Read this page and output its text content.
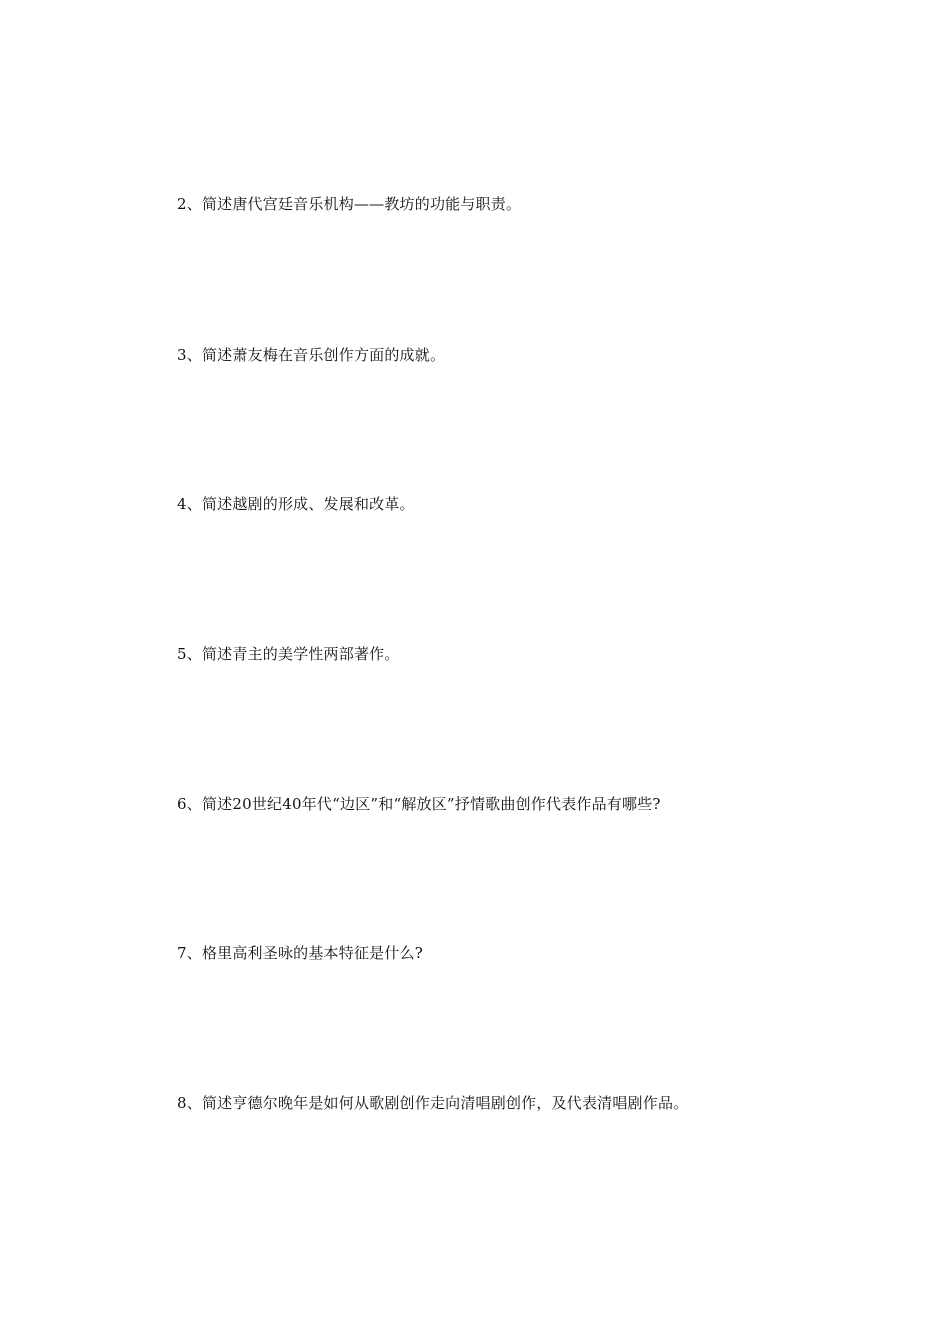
2、简述唐代宫廷音乐机构——教坊的功能与职责。
3、简述萧友梅在音乐创作方面的成就。
4、简述越剧的形成、发展和改革。
5、简述青主的美学性两部著作。
6、简述20世纪40年代“边区”和“解放区”抒情歌曲创作代表作品有哪些?
7、格里高利圣咏的基本特征是什么?
8、简述亨德尔晚年是如何从歌剧创作走向清唱剧创作，及代表清唱剧作品。
